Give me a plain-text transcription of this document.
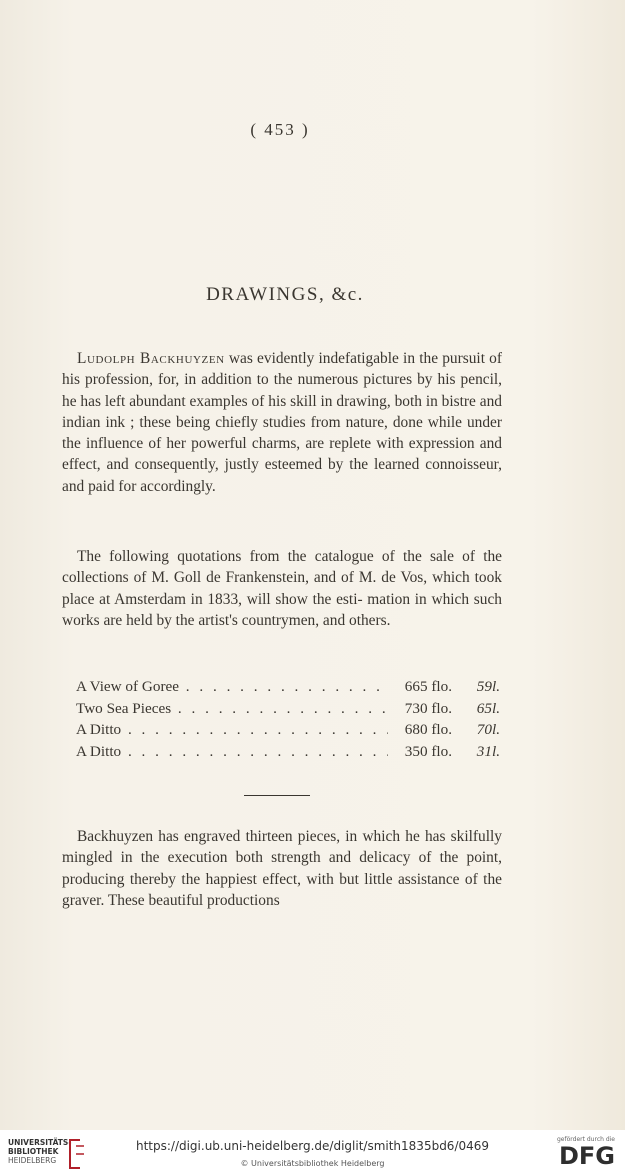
( 453 )
DRAWINGS, &c.

Ludolph Backhuyzen was evidently indefatigable in the pursuit of his profession, for, in addition to the numerous pictures by his pencil, he has left abundant examples of his skill in drawing, both in bistre and indian ink ; these being chiefly studies from nature, done while under the influence of her powerful charms, are replete with expression and effect, and consequently, justly esteemed by the learned connoisseur, and paid for accordingly.

The following quotations from the catalogue of the sale of the collections of M. Goll de Frankenstein, and of M. de Vos, which took place at Amsterdam in 1833, will show the esti- mation in which such works are held by the artist's countrymen, and others.

A View of Goree . . .	665 flo.	59l.
Two Sea Pieces . . .	730 flo.	65l.
A Ditto . . .	680 flo.	70l.
A Ditto . . .	350 flo.	31l.

Backhuyzen has engraved thirteen pieces, in which he has skilfully mingled in the execution both strength and delicacy of the point, producing thereby the happiest effect, with but little assistance of the graver. These beautiful productions

UNIVERSITÄTS-
BIBLIOTHEK
HEIDELBERG
https://digi.ub.uni-heidelberg.de/diglit/smith1835bd6/0469
© Universitätsbibliothek Heidelberg
gefördert durch die
DFG
